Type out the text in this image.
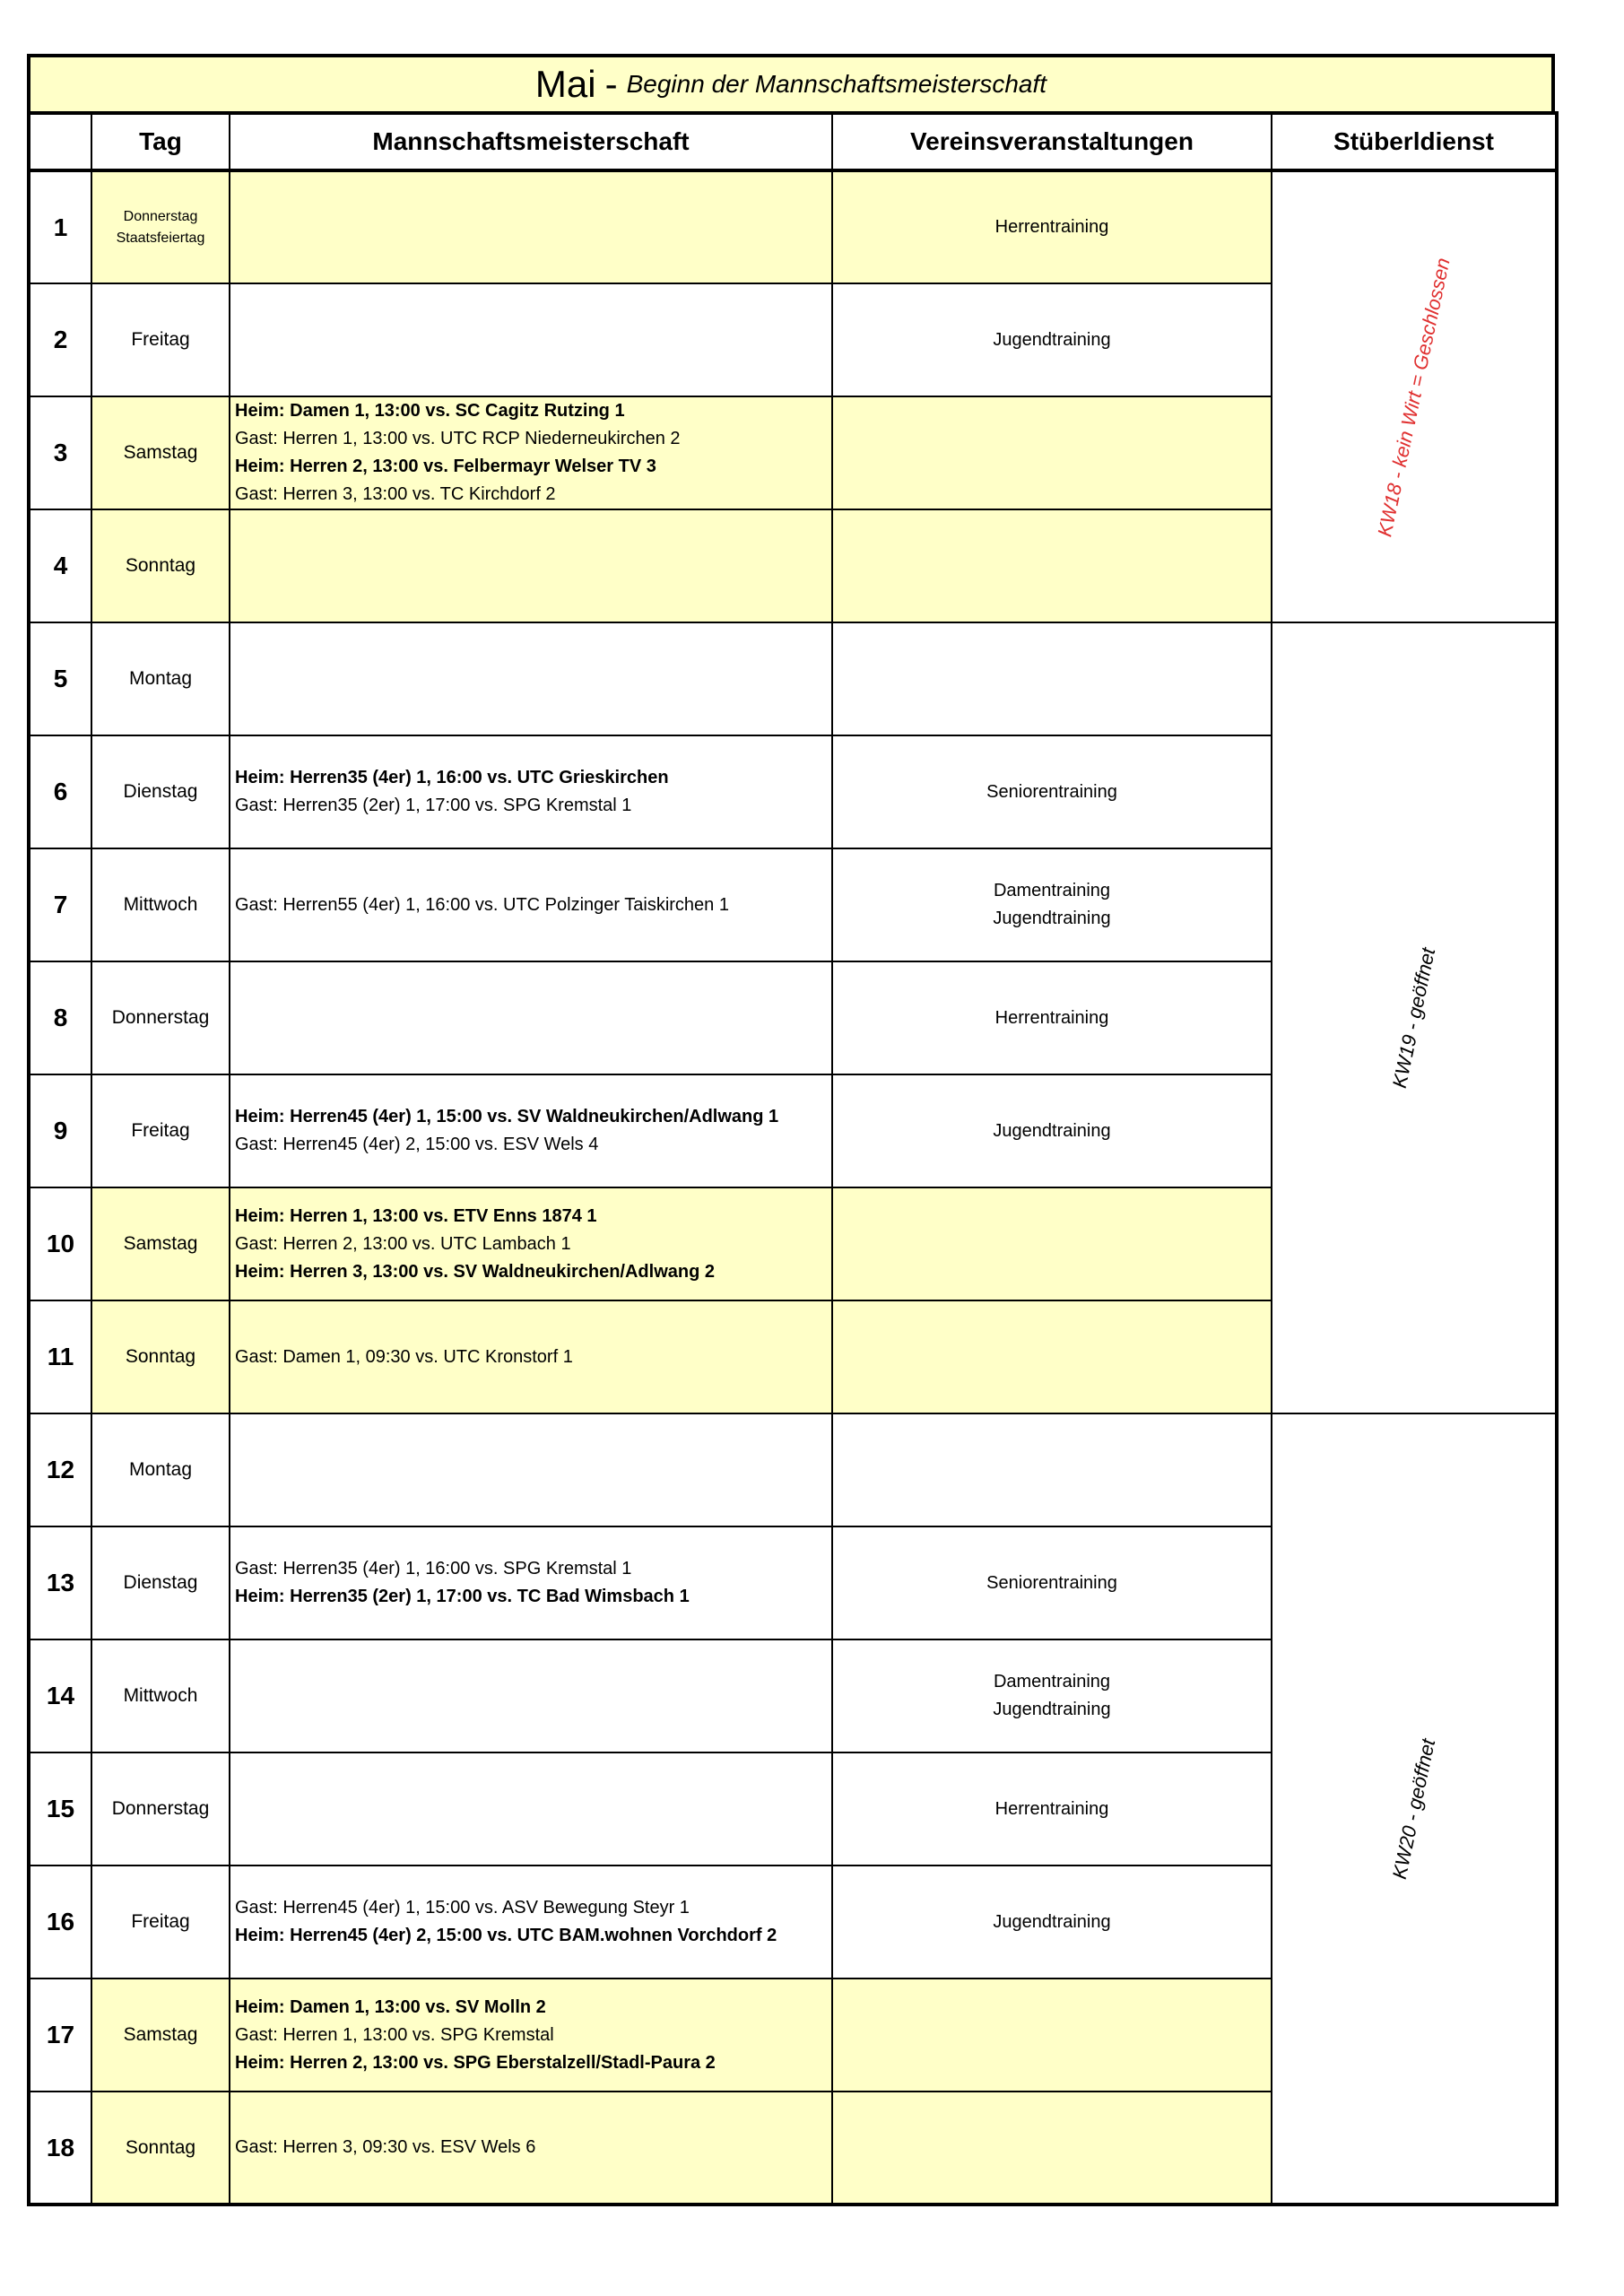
Mai - Beginn der Mannschaftsmeisterschaft
	Tag	Mannschaftsmeisterschaft	Vereinsveranstaltungen	Stüberldienst
1	Donnerstag
Staatsfeiertag		Herrentraining	KW18 - kein Wirt = Geschlossen

2	Freitag		Jugendtraining	

3	Samstag	Heim: Damen 1, 13:00 vs. SC Cagitz Rutzing 1
Gast: Herren 1, 13:00 vs. UTC RCP Niederneukirchen 2
Heim: Herren 2, 13:00 vs. Felbermayr Welser TV 3
Gast: Herren 3, 13:00 vs. TC Kirchdorf 2		

4	Sonntag			

5	Montag			KW19 - geöffnet

6	Dienstag	Heim: Herren35 (4er) 1, 16:00 vs. UTC Grieskirchen
Gast: Herren35 (2er) 1, 17:00 vs. SPG Kremstal 1	Seniorentraining	

7	Mittwoch	Gast: Herren55 (4er) 1, 16:00 vs. UTC Polzinger Taiskirchen 1	Damentraining
Jugendtraining	

8	Donnerstag		Herrentraining	

9	Freitag	Heim: Herren45 (4er) 1, 15:00 vs. SV Waldneukirchen/Adlwang 1
Gast: Herren45 (4er) 2, 15:00 vs. ESV Wels 4	Jugendtraining	

10	Samstag	Heim: Herren 1, 13:00 vs. ETV Enns 1874 1
Gast: Herren 2, 13:00 vs. UTC Lambach 1
Heim: Herren 3, 13:00 vs. SV Waldneukirchen/Adlwang 2		

11	Sonntag	Gast: Damen 1, 09:30 vs. UTC Kronstorf 1		

12	Montag			KW20 - geöffnet

13	Dienstag	Gast: Herren35 (4er) 1, 16:00 vs. SPG Kremstal 1
Heim: Herren35 (2er) 1, 17:00 vs. TC Bad Wimsbach 1	Seniorentraining	

14	Mittwoch		Damentraining
Jugendtraining	

15	Donnerstag		Herrentraining	

16	Freitag	Gast: Herren45 (4er) 1, 15:00 vs. ASV Bewegung Steyr 1
Heim: Herren45 (4er) 2, 15:00 vs. UTC BAM.wohnen Vorchdorf 2	Jugendtraining	

17	Samstag	Heim: Damen 1, 13:00 vs. SV Molln 2
Gast: Herren 1, 13:00 vs. SPG Kremstal
Heim: Herren 2, 13:00 vs. SPG Eberstalzell/Stadl-Paura 2		

18	Sonntag	Gast: Herren 3, 09:30 vs. ESV Wels 6		
